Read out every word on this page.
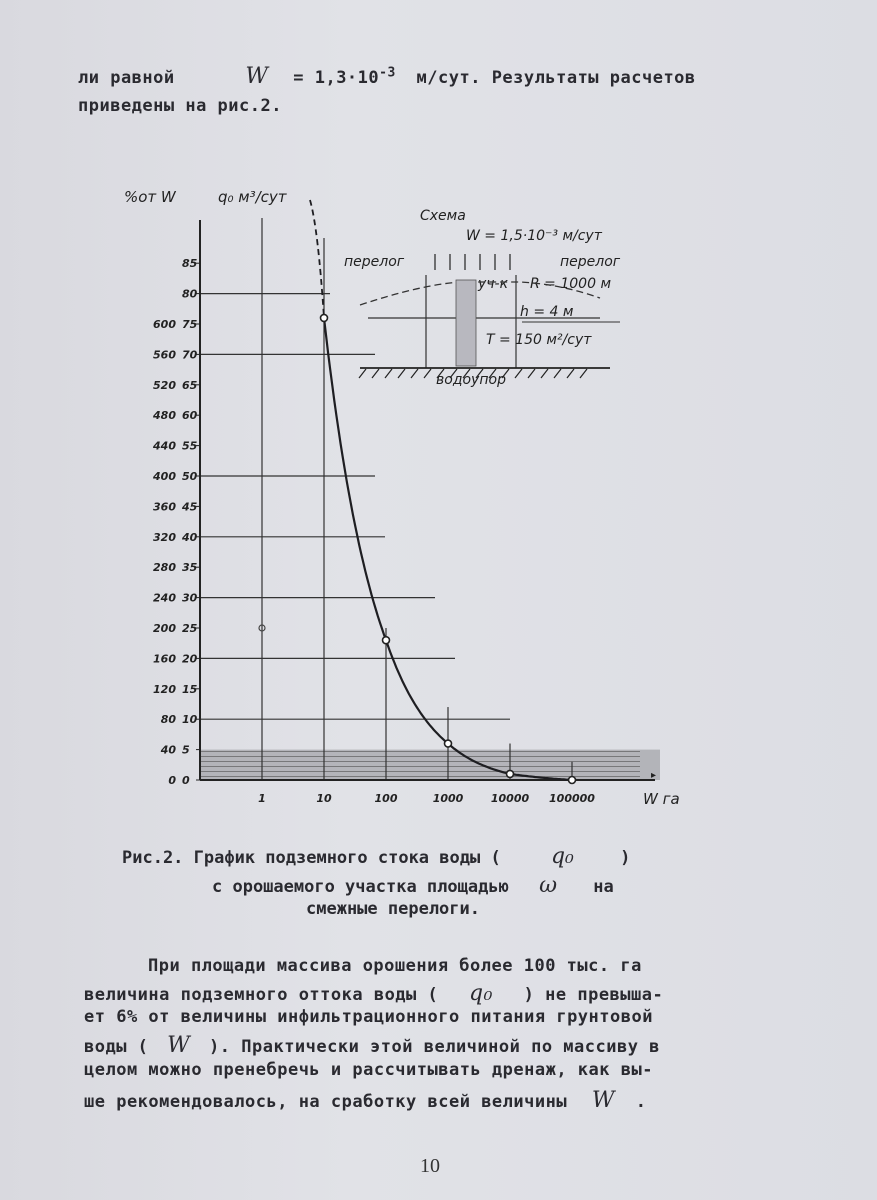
ли равной	$W = 1,3\cdot 10^{-3}$ м/сут. Результаты расчетов
приведены на рис.2.
▸
0
5
10
15
20
25
30
35
40
45
50
55
60
65
70
75
80
85
0
40
80
120
160
200
240
280
320
360
400
440
480
520
560
600
1	10	100	1000	10000 100000	W га
%от W	q₀ м³/сут
Схема
W = 1,5·10⁻³ м/сут
перелог	перелог
уч-к R = 1000 м
h = 4 м
T = 150 м²/сут
водоупор
Рис.2. График подземного стока воды ( q₀	)
с орошаемого участка площадью ω на
смежные перелоги.
При площади массива орошения более 100 тыс. га
величина подземного оттока воды ( q₀ ) не превыша-
ет 6% от величины инфильтрационного питания грунтовой
воды ( W ). Практически этой величиной по массиву в
целом можно пренебречь и рассчитывать дренаж, как вы-
ше рекомендовалось, на сработку всей величины W .
10
